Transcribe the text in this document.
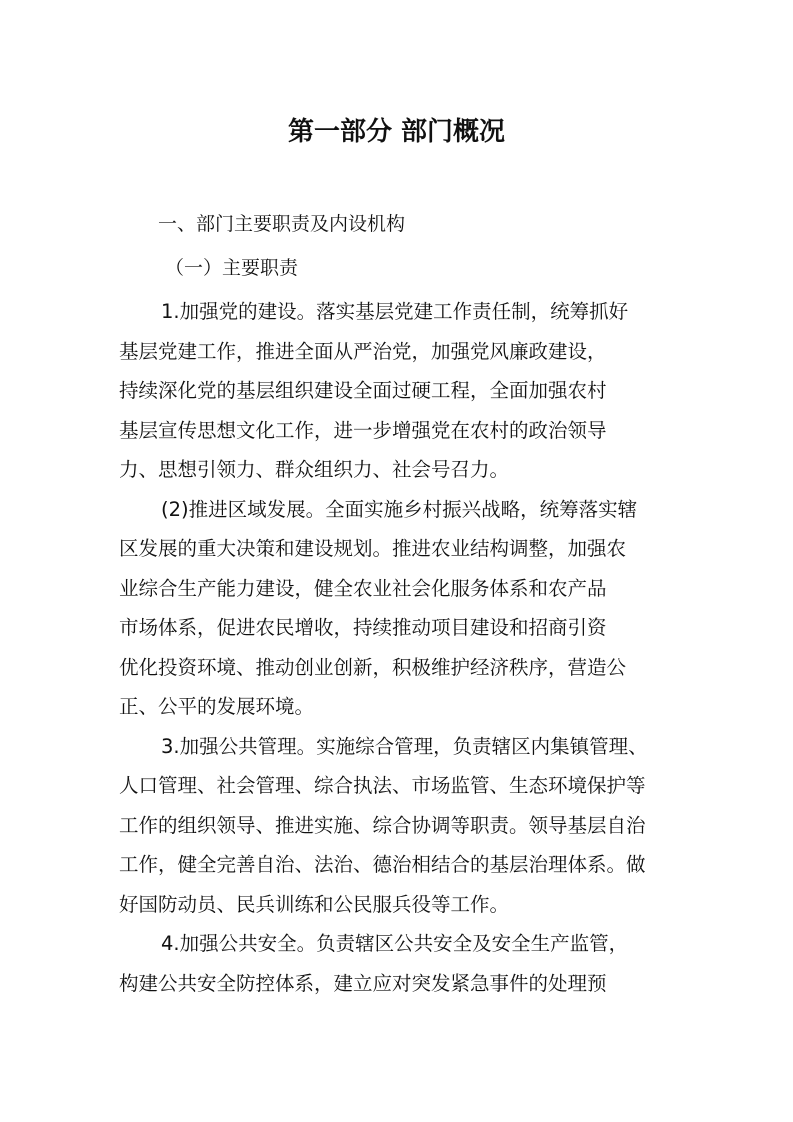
第一部分 部门概况
一、部门主要职责及内设机构
（一）主要职责
1.加强党的建设。落实基层党建工作责任制，统筹抓好
基层党建工作，推进全面从严治党，加强党风廉政建设，
持续深化党的基层组织建设全面过硬工程，全面加强农村
基层宣传思想文化工作，进一步增强党在农村的政治领导
力、思想引领力、群众组织力、社会号召力。
(2)推进区域发展。全面实施乡村振兴战略，统筹落实辖
区发展的重大决策和建设规划。推进农业结构调整，加强农
业综合生产能力建设，健全农业社会化服务体系和农产品
市场体系，促进农民增收，持续推动项目建设和招商引资
优化投资环境、推动创业创新，积极维护经济秩序，营造公
正、公平的发展环境。
3.加强公共管理。实施综合管理，负责辖区内集镇管理、
人口管理、社会管理、综合执法、市场监管、生态环境保护等
工作的组织领导、推进实施、综合协调等职责。领导基层自治
工作，健全完善自治、法治、德治相结合的基层治理体系。做
好国防动员、民兵训练和公民服兵役等工作。
4.加强公共安全。负责辖区公共安全及安全生产监管，
构建公共安全防控体系，建立应对突发紧急事件的处理预
